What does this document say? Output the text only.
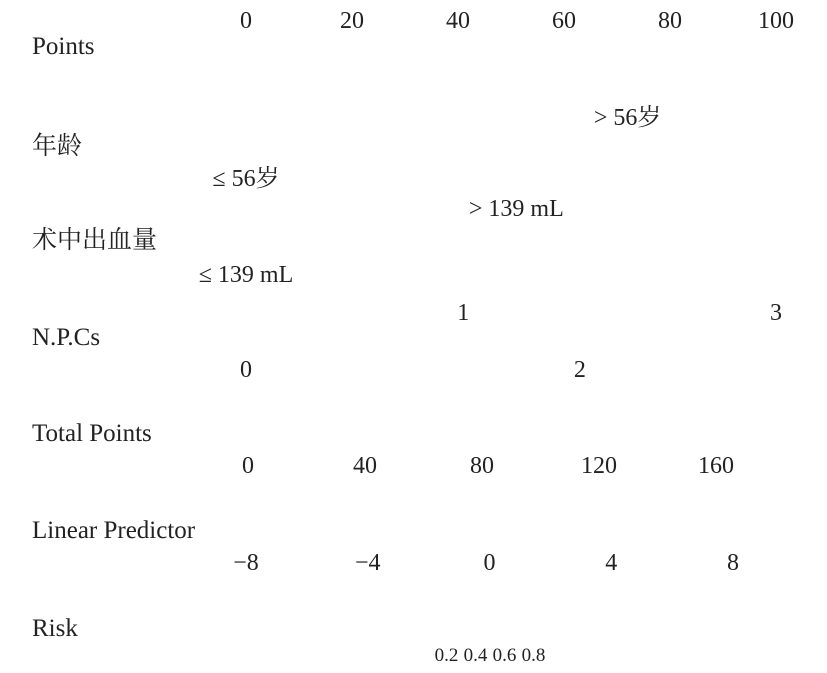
Points
0	20	40	60	80	100
年龄
> 56岁
≤ 56岁
术中出血量
> 139 mL
≤ 139 mL
N.P.Cs
1	3
0	2
Total Points
0	40	80	120	160
Linear Predictor
−8	−4	0	4	8
Risk
0.2 0.4 0.6 0.8
